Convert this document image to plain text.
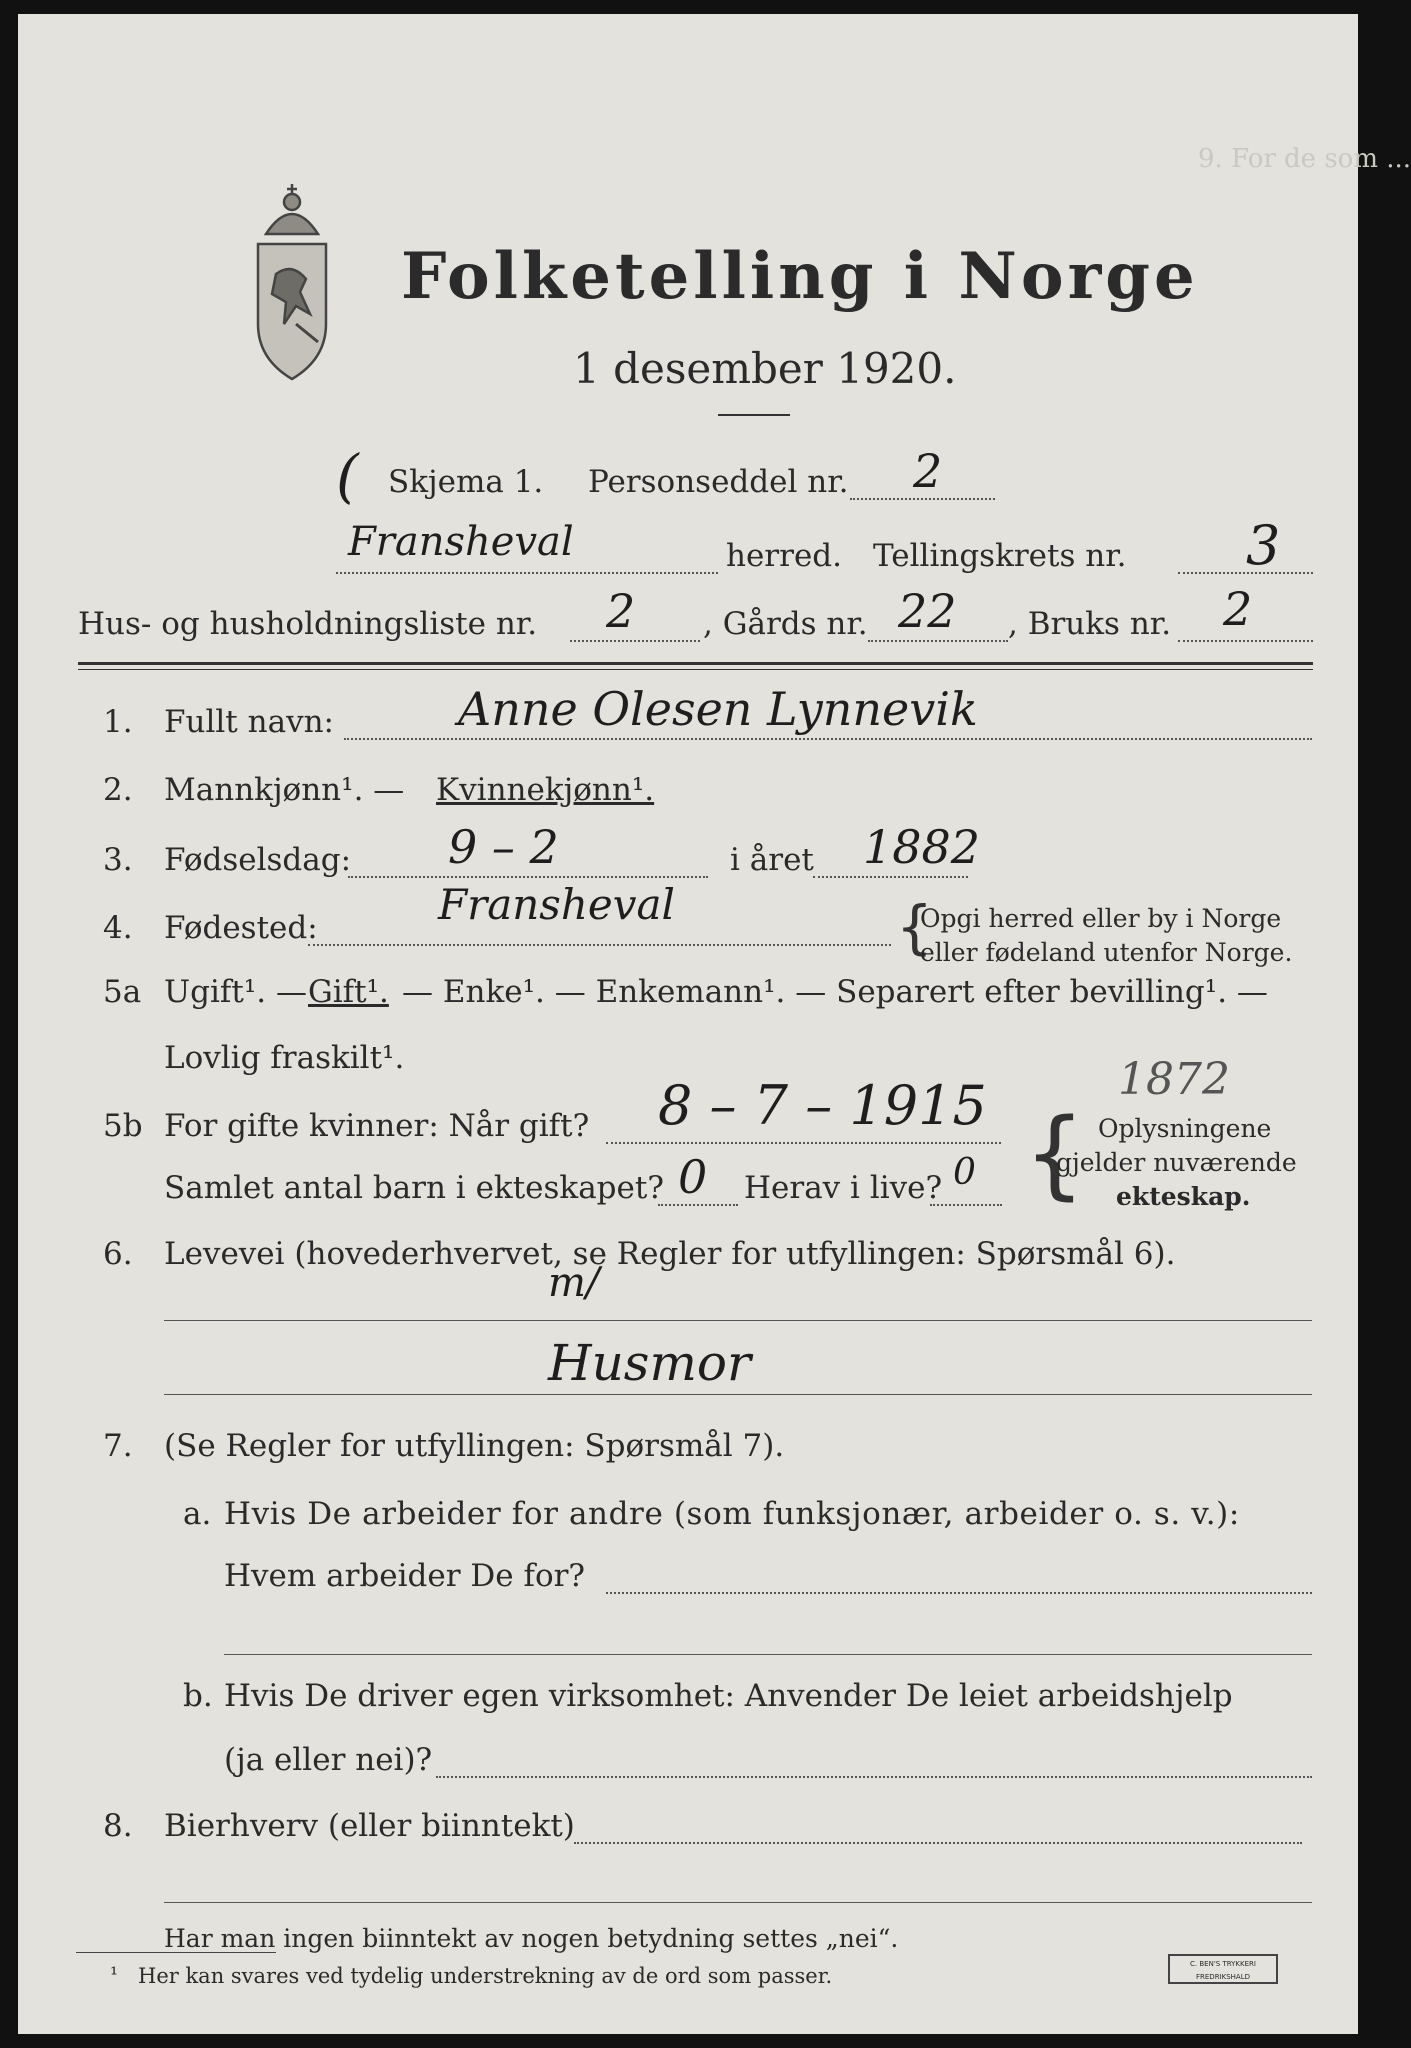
9. For de som ...
Folketelling i Norge
1 desember 1920.
( Skjema 1. Personseddel nr. 2
Fransheval	herred. Tellingskrets nr. 3
Hus- og husholdningsliste nr. 2 , Gårds nr. 22 , Bruks nr. 2
1. Fullt navn:	Anne Olesen Lynnevik
2. Mannkjønn¹. — Kvinnekjønn¹.
3. Fødselsdag: 9 – 2	i året 1882
4. Fødested:	Fransheval	{
Opgi herred eller by i Norge
eller fødeland utenfor Norge.
5a Ugift¹. — Gift¹. — Enke¹. — Enkemann¹. — Separert efter bevilling¹. —
Lovlig fraskilt¹.
5b For gifte kvinner: Når gift? 8 – 7 – 1915	1872
Samlet antal barn i ekteskapet? 0 Herav i live? 0 { Oplysningene
gjelder nuværende
ekteskap.
6. Levevei (hovederhvervet, se Regler for utfyllingen: Spørsmål 6).
m/
Husmor
7. (Se Regler for utfyllingen: Spørsmål 7).
a. Hvis De arbeider for andre (som funksjonær, arbeider o. s. v.):
Hvem arbeider De for?
b. Hvis De driver egen virksomhet: Anvender De leiet arbeidshjelp
(ja eller nei)?
8. Bierhverv (eller biinntekt)
Har man ingen biinntekt av nogen betydning settes „nei“.
¹ Her kan svares ved tydelig understrekning av de ord som passer.	C. BEN'S TRYKKERI
FREDRIKSHALD
